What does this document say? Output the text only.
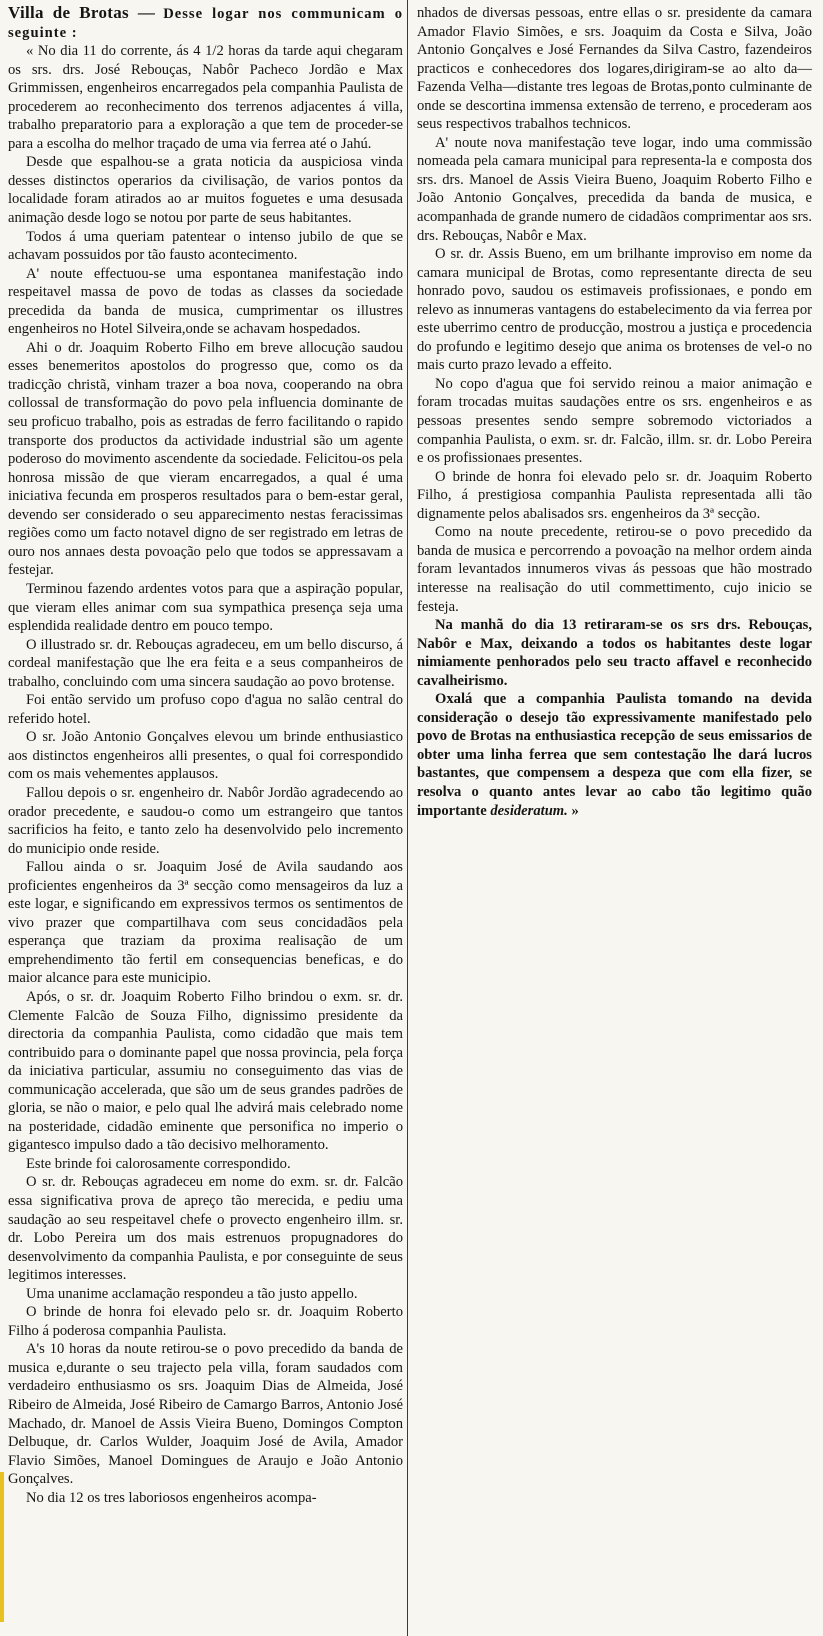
Villa de Brotas — Desse logar nos communicam o seguinte :

« No dia 11 do corrente, ás 4 1/2 horas da tarde aqui chegaram os srs. drs. José Rebouças, Nabôr Pacheco Jordão e Max Grimmissen, engenheiros encarregados pela companhia Paulista de procederem ao reconhecimento dos terrenos adjacentes á villa, trabalho preparatorio para a exploração a que tem de proceder-se para a escolha do melhor traçado de uma via ferrea até o Jahú.

Desde que espalhou-se a grata noticia da auspiciosa vinda desses distinctos operarios da civilisação, de varios pontos da localidade foram atirados ao ar muitos foguetes e uma desusada animação desde logo se notou por parte de seus habitantes.

Todos á uma queriam patentear o intenso jubilo de que se achavam possuidos por tão fausto acontecimento.

A' noute effectuou-se uma espontanea manifestação indo respeitavel massa de povo de todas as classes da sociedade precedida da banda de musica, cumprimentar os illustres engenheiros no Hotel Silveira,onde se achavam hospedados.

Ahi o dr. Joaquim Roberto Filho em breve allocução saudou esses benemeritos apostolos do progresso que, como os da tradicção christã, vinham trazer a boa nova, cooperando na obra collossal de transformação do povo pela influencia dominante de seu proficuo trabalho, pois as estradas de ferro facilitando o rapido transporte dos productos da actividade industrial são um agente poderoso do movimento ascendente da sociedade. Felicitou-os pela honrosa missão de que vieram encarregados, a qual é uma iniciativa fecunda em prosperos resultados para o bem-estar geral, devendo ser considerado o seu apparecimento nestas feracissimas regiões como um facto notavel digno de ser registrado em letras de ouro nos annaes desta povoação pelo que todos se appressavam a festejar.

Terminou fazendo ardentes votos para que a aspiração popular, que vieram elles animar com sua sympathica presença seja uma esplendida realidade dentro em pouco tempo.

O illustrado sr. dr. Rebouças agradeceu, em um bello discurso, á cordeal manifestação que lhe era feita e a seus companheiros de trabalho, concluindo com uma sincera saudação ao povo brotense.

Foi então servido um profuso copo d'agua no salão central do referido hotel.

O sr. João Antonio Gonçalves elevou um brinde enthusiastico aos distinctos engenheiros alli presentes, o qual foi correspondido com os mais vehementes applausos.

Fallou depois o sr. engenheiro dr. Nabôr Jordão agradecendo ao orador precedente, e saudou-o como um estrangeiro que tantos sacrificios ha feito, e tanto zelo ha desenvolvido pelo incremento do municipio onde reside.

Fallou ainda o sr. Joaquim José de Avila saudando aos proficientes engenheiros da 3ª secção como mensageiros da luz a este logar, e significando em expressivos termos os sentimentos de vivo prazer que compartilhava com seus concidadãos pela esperança que traziam da proxima realisação de um emprehendimento tão fertil em consequencias beneficas, e do maior alcance para este municipio.

Após, o sr. dr. Joaquim Roberto Filho brindou o exm. sr. dr. Clemente Falcão de Souza Filho, dignissimo presidente da directoria da companhia Paulista, como cidadão que mais tem contribuido para o dominante papel que nossa provincia, pela força da iniciativa particular, assumiu no conseguimento das vias de communicação accelerada, que são um de seus grandes padrões de gloria, se não o maior, e pelo qual lhe advirá mais celebrado nome na posteridade, cidadão eminente que personifica no imperio o gigantesco impulso dado a tão decisivo melhoramento.

Este brinde foi calorosamente correspondido.

O sr. dr. Rebouças agradeceu em nome do exm. sr. dr. Falcão essa significativa prova de apreço tão merecida, e pediu uma saudação ao seu respeitavel chefe o provecto engenheiro illm. sr. dr. Lobo Pereira um dos mais estrenuos propugnadores do desenvolvimento da companhia Paulista, e por conseguinte de seus legitimos interesses.

Uma unanime acclamação respondeu a tão justo appello.

O brinde de honra foi elevado pelo sr. dr. Joaquim Roberto Filho á poderosa companhia Paulista.

A's 10 horas da noute retirou-se o povo precedido da banda de musica e,durante o seu trajecto pela villa, foram saudados com verdadeiro enthusiasmo os srs. Joaquim Dias de Almeida, José Ribeiro de Almeida, José Ribeiro de Camargo Barros, Antonio José Machado, dr. Manoel de Assis Vieira Bueno, Domingos Compton Delbuque, dr. Carlos Wulder, Joaquim José de Avila, Amador Flavio Simões, Manoel Domingues de Araujo e João Antonio Gonçalves.

No dia 12 os tres laboriosos engenheiros acompa-

nhados de diversas pessoas, entre ellas o sr. presidente da camara Amador Flavio Simões, e srs. Joaquim da Costa e Silva, João Antonio Gonçalves e José Fernandes da Silva Castro, fazendeiros practicos e conhecedores dos logares,dirigiram-se ao alto da—Fazenda Velha—distante tres legoas de Brotas,ponto culminante de onde se descortina immensa extensão de terreno, e procederam aos seus respectivos trabalhos technicos.

A' noute nova manifestação teve logar, indo uma commissão nomeada pela camara municipal para representa-la e composta dos srs. drs. Manoel de Assis Vieira Bueno, Joaquim Roberto Filho e João Antonio Gonçalves, precedida da banda de musica, e acompanhada de grande numero de cidadãos comprimentar aos srs. drs. Rebouças, Nabôr e Max.

O sr. dr. Assis Bueno, em um brilhante improviso em nome da camara municipal de Brotas, como representante directa de seu honrado povo, saudou os estimaveis profissionaes, e pondo em relevo as innumeras vantagens do estabelecimento da via ferrea por este uberrimo centro de producção, mostrou a justiça e procedencia do profundo e legitimo desejo que anima os brotenses de vel-o no mais curto prazo levado a effeito.

No copo d'agua que foi servido reinou a maior animação e foram trocadas muitas saudações entre os srs. engenheiros e as pessoas presentes sendo sempre sobremodo victoriados a companhia Paulista, o exm. sr. dr. Falcão, illm. sr. dr. Lobo Pereira e os profissionaes presentes.

O brinde de honra foi elevado pelo sr. dr. Joaquim Roberto Filho, á prestigiosa companhia Paulista representada alli tão dignamente pelos abalisados srs. engenheiros da 3ª secção.

Como na noute precedente, retirou-se o povo precedido da banda de musica e percorrendo a povoação na melhor ordem ainda foram levantados innumeros vivas ás pessoas que hão mostrado interesse na realisação do util commettimento, cujo inicio se festeja.

Na manhã do dia 13 retiraram-se os srs drs. Rebouças, Nabôr e Max, deixando a todos os habitantes deste logar nimiamente penhorados pelo seu tracto affavel e reconhecido cavalheirismo.

Oxalá que a companhia Paulista tomando na devida consideração o desejo tão expressivamente manifestado pelo povo de Brotas na enthusiastica recepção de seus emissarios de obter uma linha ferrea que sem contestação lhe dará lucros bastantes, que compensem a despeza que com ella fizer, se resolva o quanto antes levar ao cabo tão legitimo quão importante desideratum. »
